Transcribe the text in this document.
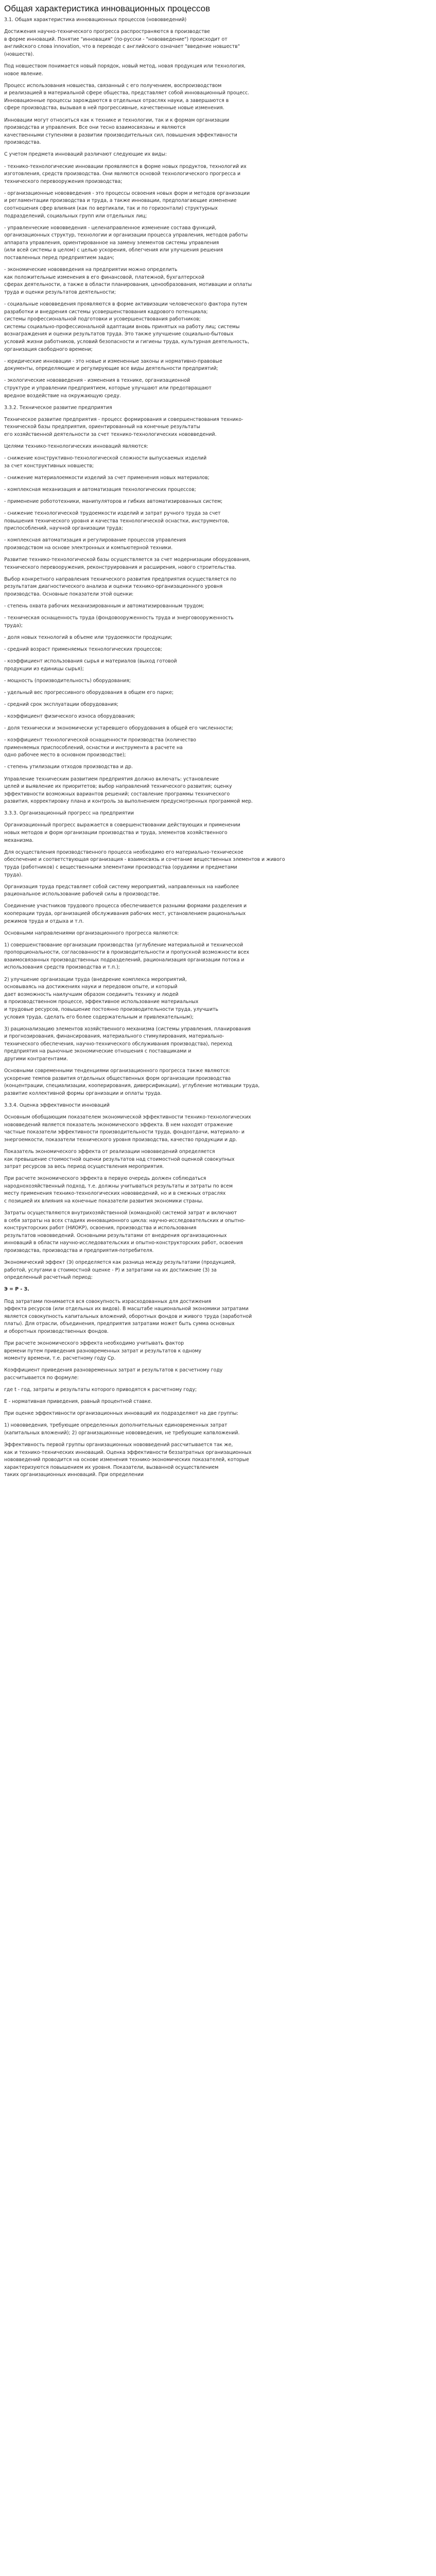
Общая характеристика инновационных процессов
3.1. Общая характеристика инновационных процессов (нововведений)
Достижения научно-технического прогресса распространяются в производстве
в форме инноваций. Понятие "инновация" (по-русски - "нововведение") происходит от
английского слова innovation, что в переводе с английского означает "введение новшеств"
(новшеств).
Под новшеством понимается новый порядок, новый метод, новая продукция или технология,
новое явление.
Процесс использования новшества, связанный с его получением, воспроизводством
и реализацией в материальной сфере общества, представляет собой инновационный процесс.
Инновационные процессы зарождаются в отдельных отраслях науки, а завершаются в
сфере производства, вызывая в ней прогрессивные, качественные новые изменения.
Инновации могут относиться как к технике и технологии, так и к формам организации
производства и управления. Все они тесно взаимосвязаны и являются
качественными ступенями в развитии производительных сил, повышения эффективности
производства.
С учетом предмета инноваций различают следующие их виды:
- технико-технологические инновации проявляются в форме новых продуктов, технологий их
изготовления, средств производства. Они являются основой технологического прогресса и
технического перевооружения производства;
- организационные нововведения - это процессы освоения новых форм и методов организации
и регламентации производства и труда, а также инновации, предполагающие изменение
соотношения сфер влияния (как по вертикали, так и по горизонтали) структурных
подразделений, социальных групп или отдельных лиц;
- управленческие нововведения - целенаправленное изменение состава функций,
организационных структур, технологии и организации процесса управления, методов работы
аппарата управления, ориентированное на замену элементов системы управления
(или всей системы в целом) с целью ускорения, облегчения или улучшения решения
поставленных перед предприятием задач;
- экономические нововведения на предприятии можно определить
как положительные изменения в его финансовой, платежной, бухгалтерской
сферах деятельности, а также в области планирования, ценообразования, мотивации и оплаты
труда и оценки результатов деятельности;
- социальные нововведения проявляются в форме активизации человеческого фактора путем
разработки и внедрения системы усовершенствования кадрового потенциала;
системы профессиональной подготовки и усовершенствования работников;
системы социально-профессиональной адаптации вновь принятых на работу лиц; системы
вознаграждения и оценки результатов труда. Это также улучшение социально-бытовых
условий жизни работников, условий безопасности и гигиены труда, культурная деятельность,
организация свободного времени;
- юридические инновации - это новые и измененные законы и нормативно-правовые
документы, определяющие и регулирующие все виды деятельности предприятий;
- экологические нововведения - изменения в технике, организационной
структуре и управлении предприятием, которые улучшают или предотвращают
вредное воздействие на окружающую среду.
3.3.2. Техническое развитие предприятия
Техническое развитие предприятия - процесс формирования и совершенствования технико-
технической базы предприятия, ориентированный на конечные результаты
его хозяйственной деятельности за счет технико-технологических нововведений.
Целями технико-технологических инноваций являются:
- снижение конструктивно-технологической сложности выпускаемых изделий
за счет конструктивных новшеств;
- снижение материалоемкости изделий за счет применения новых материалов;
- комплексная механизация и автоматизация технологических процессов;
- применение робототехники, манипуляторов и гибких автоматизированных систем;
- снижение технологической трудоемкости изделий и затрат ручного труда за счет
повышения технического уровня и качества технологической оснастки, инструментов,
приспособлений, научной организации труда;
- комплексная автоматизация и регулирование процессов управления
производством на основе электронных и компьютерной техники.
Развитие технико-технологической базы осуществляется за счет модернизации оборудования,
технического перевооружения, реконструирования и расширения, нового строительства.
Выбор конкретного направления технического развития предприятия осуществляется по
результатам диагностического анализа и оценки технико-организационного уровня
производства. Основные показатели этой оценки:
- степень охвата рабочих механизированным и автоматизированным трудом;
- техническая оснащенность труда (фондовооруженность труда и энерговооруженность
труда);
- доля новых технологий в объеме или трудоемкости продукции;
- средний возраст применяемых технологических процессов;
- коэффициент использования сырья и материалов (выход готовой
продукции из единицы сырья);
- мощность (производительность) оборудования;
- удельный вес прогрессивного оборудования в общем его парке;
- средний срок эксплуатации оборудования;
- коэффициент физического износа оборудования;
- доля технически и экономически устаревшего оборудования в общей его численности;
- коэффициент технологической оснащенности производства (количество
применяемых приспособлений, оснастки и инструмента в расчете на
одно рабочее место в основном производстве);
- степень утилизации отходов производства и др.
Управление техническим развитием предприятия должно включать: установление
целей и выявление их приоритетов; выбор направлений технического развития; оценку
эффективности возможных вариантов решений; составление программы технического
развития, корректировку плана и контроль за выполнением предусмотренных программой мер.
3.3.3. Организационный прогресс на предприятии
Организационный прогресс выражается в совершенствовании действующих и применении
новых методов и форм организации производства и труда, элементов хозяйственного
механизма.
Для осуществления производственного процесса необходимо его материально-техническое
обеспечение и соответствующая организация - взаимосвязь и сочетание вещественных элементов и живого
труда (работников) с вещественными элементами производства (орудиями и предметами
труда).
Организация труда представляет собой систему мероприятий, направленных на наиболее
рациональное использование рабочей силы в производстве.
Соединение участников трудового процесса обеспечивается разными формами разделения и
кооперации труда, организацией обслуживания рабочих мест, установлением рациональных
режимов труда и отдыха и т.п.
Основными направлениями организационного прогресса являются:
1) совершенствование организации производства (углубление материальной и технической
пропорциональности, согласованности в производительности и пропускной возможности всех
взаимосвязанных производственных подразделений, рационализация организации потока и
использования средств производства и т.п.);
2) улучшение организации труда (внедрение комплекса мероприятий,
основываясь на достижениях науки и передовом опыте, и который
дает возможность наилучшим образом соединить технику и людей
в производственном процессе, эффективное использование материальных
и трудовые ресурсов, повышение постоянно производительности труда, улучшить
условия труда, сделать его более содержательным и привлекательным);
3) рационализацию элементов хозяйственного механизма (системы управления, планирования
и прогнозирования, финансирования, материального стимулирования, материально-
технического обеспечения, научно-технического обслуживания производства), переход
предприятия на рыночные экономические отношения с поставщиками и
другими контрагентами.
Основными современными тенденциями организационного прогресса также являются:
ускорение темпов развития отдельных общественных форм организации производства
(концентрации, специализации, кооперирования, диверсификации), углубление мотивации труда,
развитие коллективной формы организации и оплаты труда.
3.3.4. Оценка эффективности инноваций
Основным обобщающим показателем экономической эффективности технико-технологических
нововведений является показатель экономического эффекта. В нем находят отражение
частные показатели эффективности производительности труда, фондоотдачи, материало- и
энергоемкости, показатели технического уровня производства, качество продукции и др.
Показатель экономического эффекта от реализации нововведений определяется
как превышение стоимостной оценки результатов над стоимостной оценкой совокупных
затрат ресурсов за весь период осуществления мероприятия.
При расчете экономического эффекта в первую очередь должен соблюдаться
народнохозяйственный подход, т.е. должны учитываться результаты и затраты по всем
месту применения технико-технологических нововведений, но и в смежных отраслях
с позицией их влияния на конечные показатели развития экономики страны.
Затраты осуществляются внутрихозяйственной (командной) системой затрат и включают
в себя затраты на всех стадиях инновационного цикла: научно-исследовательских и опытно-
конструкторских работ (НИОКР), освоения, производства и использования
результатов нововведений. Основными результатами от внедрения организационных
инноваций в области научно-исследовательских и опытно-конструкторских работ, освоения
производства, производства и предприятия-потребителя.
Экономический эффект (Э) определяется как разница между результатами (продукцией,
работой, услугами в стоимостной оценке - Р) и затратами на их достижение (З) за
определенный расчетный период:
Э = Р - З.
Под затратами понимается вся совокупность израсходованных для достижения
эффекта ресурсов (или отдельных их видов). В масштабе национальной экономики затратами
является совокупность капитальных вложений, оборотных фондов и живого труда (заработной
платы). Для отрасли, объединения, предприятия затратами может быть сумма основных
и оборотных производственных фондов.
При расчете экономического эффекта необходимо учитывать фактор
времени путем приведения разновременных затрат и результатов к одному
моменту времени, т.е. расчетному году Ср.
Коэффициент приведения разновременных затрат и результатов к расчетному году
рассчитывается по формуле:
где t - год, затраты и результаты которого приводятся к расчетному году;
Е - нормативная приведения, равный процентной ставке.
При оценке эффективности организационных инноваций их подразделяют на две группы:
1) нововведения, требующие определенных дополнительных единовременных затрат
(капитальных вложений); 2) организационные нововведения, не требующие капвложений.
Эффективность первой группы организационных нововведений рассчитывается так же,
как и технико-технических инноваций. Оценка эффективности беззатратных организационных
нововведений проводится на основе изменения технико-экономических показателей, которые
характеризуются повышением их уровня. Показатели, вызванной осуществлением
таких организационных инноваций. При определении
